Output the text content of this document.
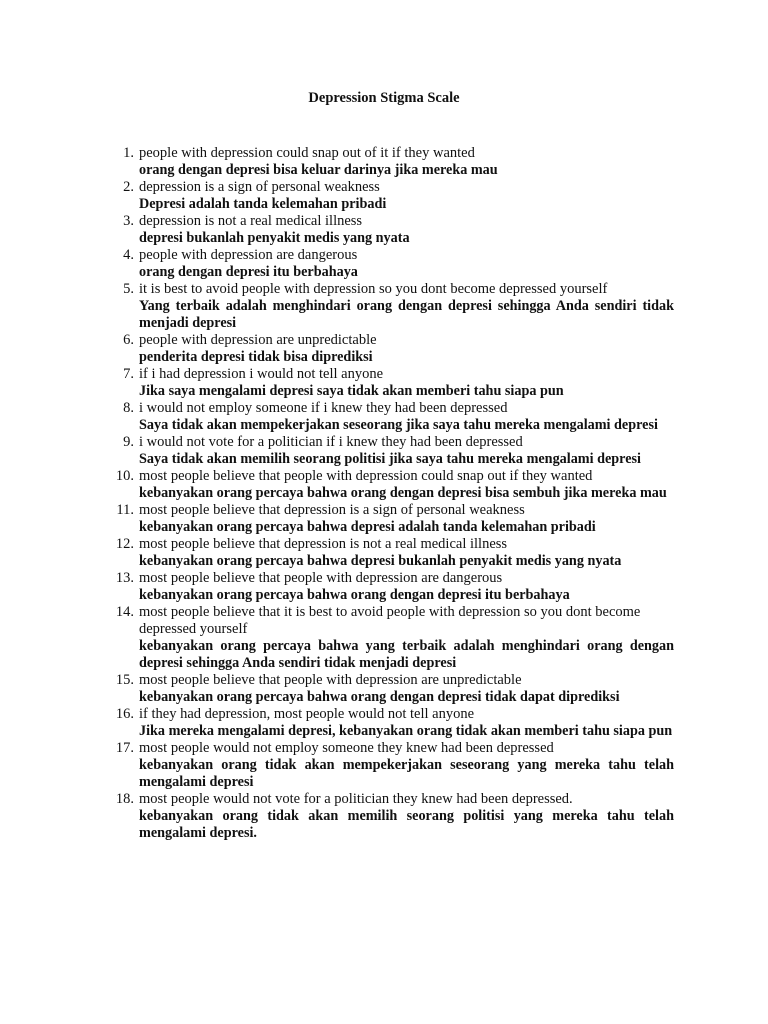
Depression Stigma Scale
1. people with depression could snap out of it if they wanted
orang dengan depresi bisa keluar darinya jika mereka mau
2. depression is a sign of personal weakness
Depresi adalah tanda kelemahan pribadi
3. depression is not a real medical illness
depresi bukanlah penyakit medis yang nyata
4. people with depression are dangerous
orang dengan depresi itu berbahaya
5. it is best to avoid people with depression so you dont become depressed yourself
Yang terbaik adalah menghindari orang dengan depresi sehingga Anda sendiri tidak menjadi depresi
6. people with depression are unpredictable
penderita depresi tidak bisa diprediksi
7. if i had depression i would not tell anyone
Jika saya mengalami depresi saya tidak akan memberi tahu siapa pun
8. i would not employ someone if i knew they had been depressed
Saya tidak akan mempekerjakan seseorang jika saya tahu mereka mengalami depresi
9. i would not vote for a politician if i knew they had been depressed
Saya tidak akan memilih seorang politisi jika saya tahu mereka mengalami depresi
10. most people believe that people with depression could snap out if they wanted
kebanyakan orang percaya bahwa orang dengan depresi bisa sembuh jika mereka mau
11. most people believe that depression is a sign of personal weakness
kebanyakan orang percaya bahwa depresi adalah tanda kelemahan pribadi
12. most people believe that depression is not a real medical illness
kebanyakan orang percaya bahwa depresi bukanlah penyakit medis yang nyata
13. most people believe that people with depression are dangerous
kebanyakan orang percaya bahwa orang dengan depresi itu berbahaya
14. most people believe that it is best to avoid people with depression so you dont become depressed yourself
kebanyakan orang percaya bahwa yang terbaik adalah menghindari orang dengan depresi sehingga Anda sendiri tidak menjadi depresi
15. most people believe that people with depression are unpredictable
kebanyakan orang percaya bahwa orang dengan depresi tidak dapat diprediksi
16. if they had depression, most people would not tell anyone
Jika mereka mengalami depresi, kebanyakan orang tidak akan memberi tahu siapa pun
17. most people would not employ someone they knew had been depressed
kebanyakan orang tidak akan mempekerjakan seseorang yang mereka tahu telah mengalami depresi
18. most people would not vote for a politician they knew had been depressed.
kebanyakan orang tidak akan memilih seorang politisi yang mereka tahu telah mengalami depresi.
